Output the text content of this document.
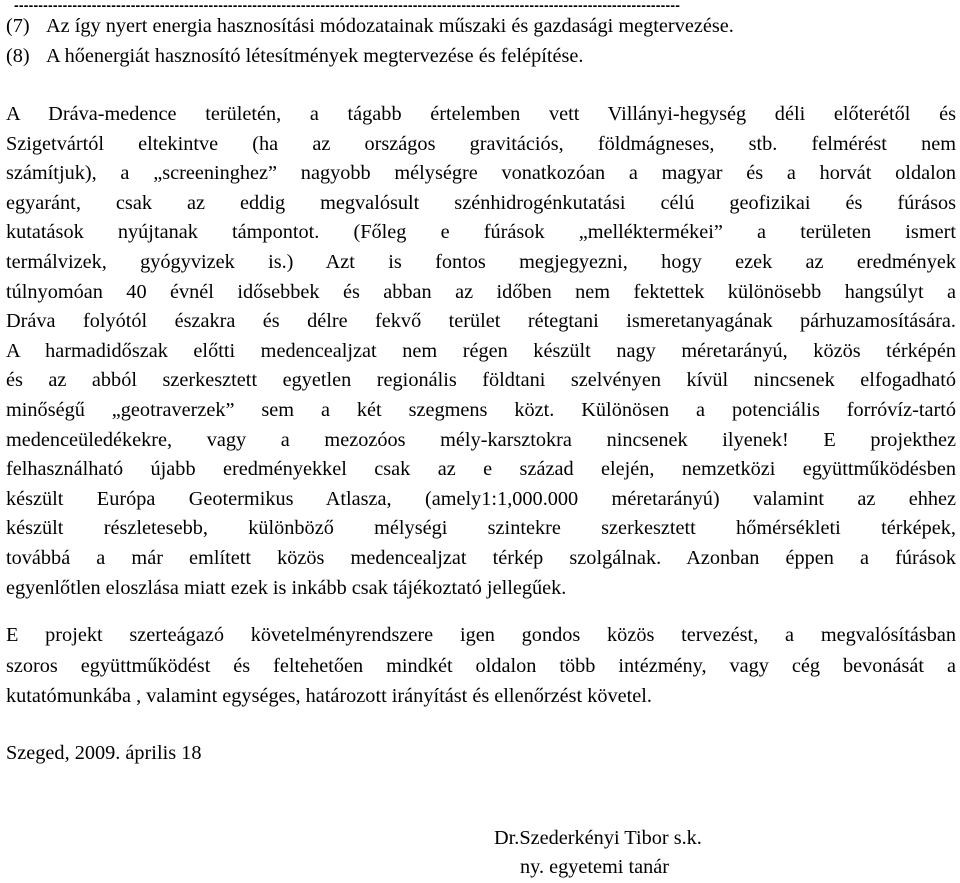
-----------------------------------------------------------------------------------------------------------------------------------------
(7) Az így nyert energia hasznosítási módozatainak műszaki és gazdasági megtervezése.
(8) A hőenergiát hasznosító létesítmények megtervezése és felépítése.
A Dráva-medence területén, a tágabb értelemben vett Villányi-hegység déli előterétől és
Szigetvártól eltekintve (ha az országos gravitációs, földmágneses, stb. felmérést nem
számítjuk), a „screeninghez” nagyobb mélységre vonatkozóan a magyar és a horvát oldalon
egyaránt, csak az eddig megvalósult szénhidrogénkutatási célú geofizikai és fúrásos
kutatások nyújtanak támpontot. (Főleg e fúrások „melléktermékei” a területen ismert
termálvizek, gyógyvizek is.) Azt is fontos megjegyezni, hogy ezek az eredmények
túlnyomóan 40 évnél idősebbek és abban az időben nem fektettek különösebb hangsúlyt a
Dráva folyótól északra és délre fekvő terület rétegtani ismeretanyagának párhuzamosítására.
A harmadidőszak előtti medencealjzat nem régen készült nagy méretarányú, közös térképén
és az abból szerkesztett egyetlen regionális földtani szelvényen kívül nincsenek elfogadható
minőségű „geotraverzek” sem a két szegmens közt. Különösen a potenciális forróvíz-tartó
medenceüledékekre, vagy a mezozóos mély-karsztokra nincsenek ilyenek! E projekthez
felhasználható újabb eredményekkel csak az e század elején, nemzetközi együttműködésben
készült Európa Geotermikus Atlasza, (amely1:1,000.000 méretarányú) valamint az ehhez
készült részletesebb, különböző mélységi szintekre szerkesztett hőmérsékleti térképek,
továbbá a már említett közös medencealjzat térkép szolgálnak. Azonban éppen a fúrások
egyenlőtlen eloszlása miatt ezek is inkább csak tájékoztató jellegűek.
E projekt szerteágazó követelményrendszere igen gondos közös tervezést, a megvalósításban
szoros együttműködést és feltehetően mindkét oldalon több intézmény, vagy cég bevonását a
kutatómunkába , valamint egységes, határozott irányítást és ellenőrzést követel.
Szeged, 2009. április 18
Dr.Szederkényi Tibor s.k.
ny. egyetemi tanár
